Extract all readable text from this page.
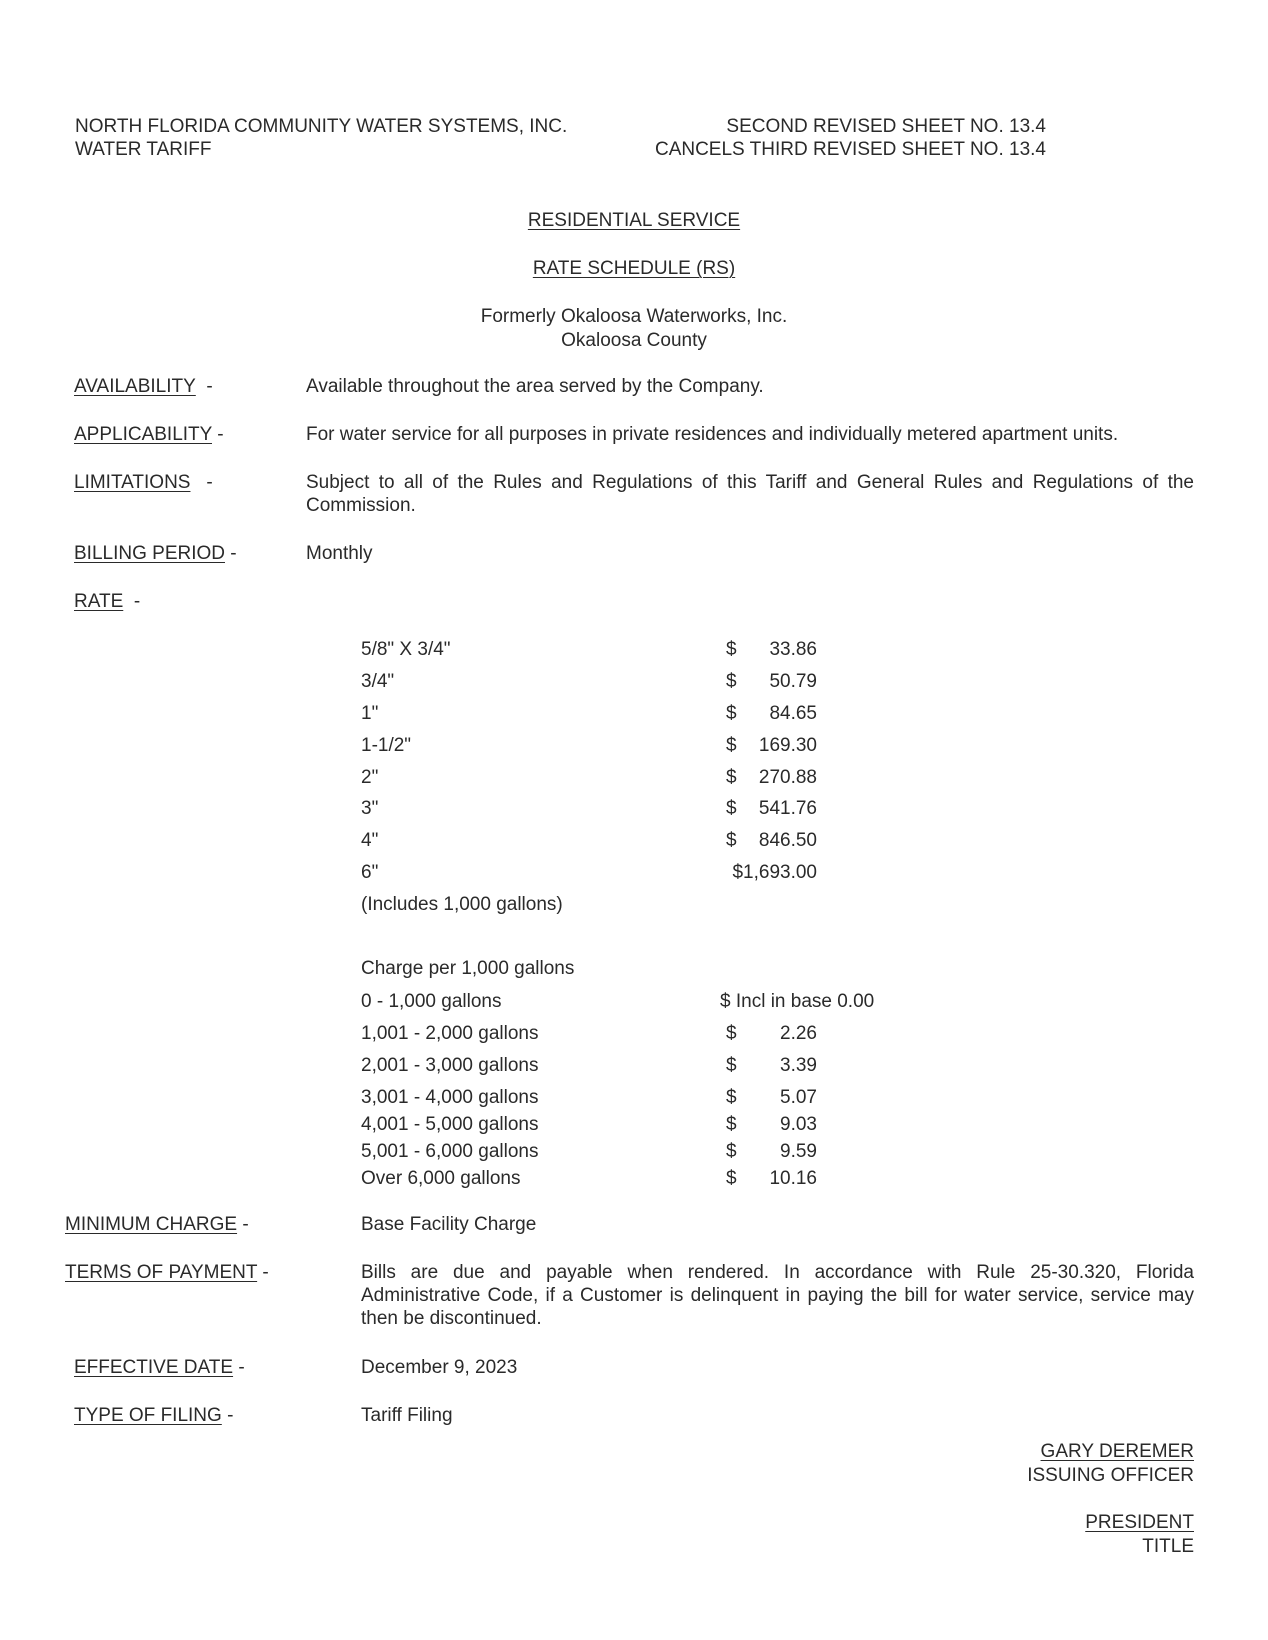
NORTH FLORIDA COMMUNITY WATER SYSTEMS, INC.
WATER TARIFF
SECOND REVISED SHEET NO. 13.4
CANCELS THIRD REVISED SHEET NO. 13.4
RESIDENTIAL SERVICE
RATE SCHEDULE (RS)
Formerly Okaloosa Waterworks, Inc.
Okaloosa County
AVAILABILITY -	Available throughout the area served by the Company.
APPLICABILITY -	For water service for all purposes in private residences and individually metered apartment units.
LIMITATIONS -	Subject to all of the Rules and Regulations of this Tariff and General Rules and Regulations of the Commission.
BILLING PERIOD -	Monthly
RATE -
5/8" X 3/4"	$	33.86
3/4"	$	50.79
1"	$	84.65
1-1/2"	$	169.30
2"	$	270.88
3"	$	541.76
4"	$	846.50
6"	$1,693.00
(Includes 1,000 gallons)
Charge per 1,000 gallons
0 - 1,000 gallons	$ Incl in base 0.00
1,001 - 2,000 gallons	$	2.26
2,001 - 3,000 gallons	$	3.39
3,001 - 4,000 gallons	$	5.07
4,001 - 5,000 gallons	$	9.03
5,001 - 6,000 gallons	$	9.59
Over 6,000 gallons	$	10.16
MINIMUM CHARGE -	Base Facility Charge
TERMS OF PAYMENT -	Bills are due and payable when rendered. In accordance with Rule 25-30.320, Florida Administrative Code, if a Customer is delinquent in paying the bill for water service, service may then be discontinued.
EFFECTIVE DATE -	December 9, 2023
TYPE OF FILING -	Tariff Filing
GARY DEREMER
ISSUING OFFICER
PRESIDENT
TITLE
